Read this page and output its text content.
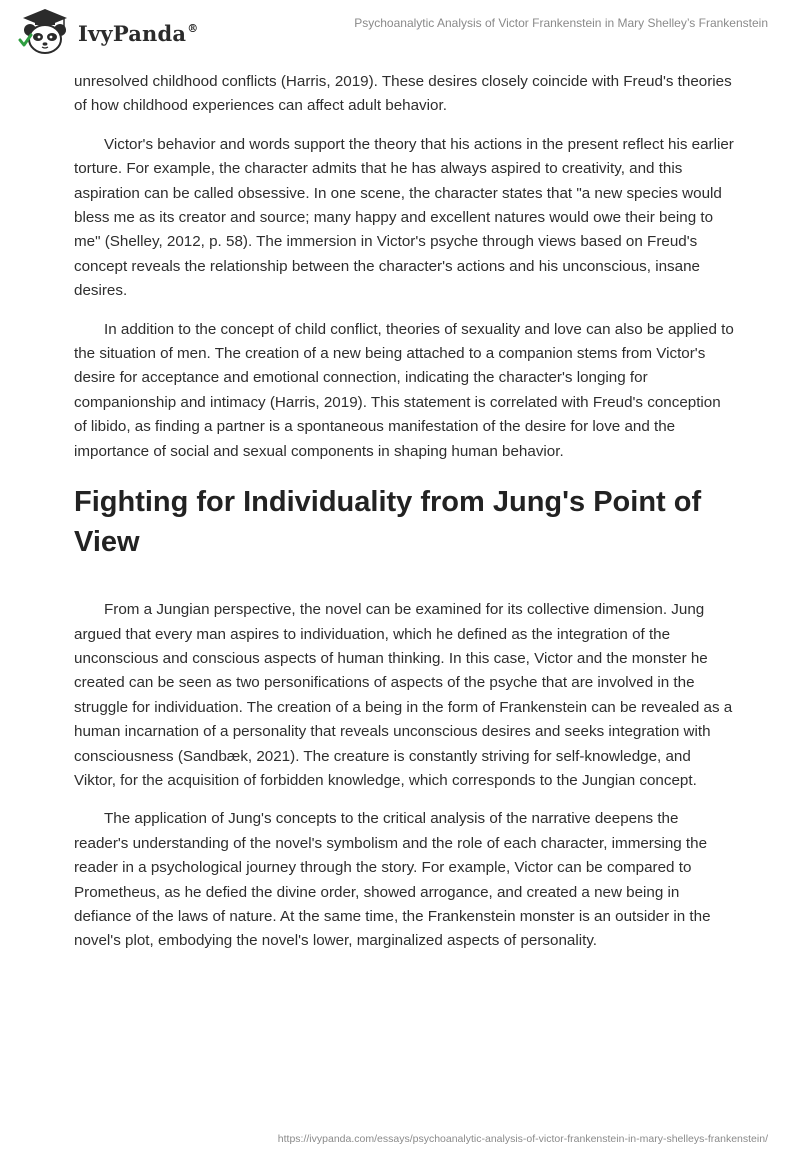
IvyPanda®	Psychoanalytic Analysis of Victor Frankenstein in Mary Shelley’s Frankenstein

unresolved childhood conflicts (Harris, 2019). These desires closely coincide with Freud's theories of how childhood experiences can affect adult behavior.

Victor's behavior and words support the theory that his actions in the present reflect his earlier torture. For example, the character admits that he has always aspired to creativity, and this aspiration can be called obsessive. In one scene, the character states that "a new species would bless me as its creator and source; many happy and excellent natures would owe their being to me" (Shelley, 2012, p. 58). The immersion in Victor's psyche through views based on Freud's concept reveals the relationship between the character's actions and his unconscious, insane desires.

In addition to the concept of child conflict, theories of sexuality and love can also be applied to the situation of men. The creation of a new being attached to a companion stems from Victor's desire for acceptance and emotional connection, indicating the character's longing for companionship and intimacy (Harris, 2019). This statement is correlated with Freud's conception of libido, as finding a partner is a spontaneous manifestation of the desire for love and the importance of social and sexual components in shaping human behavior.

Fighting for Individuality from Jung's Point of View

From a Jungian perspective, the novel can be examined for its collective dimension. Jung argued that every man aspires to individuation, which he defined as the integration of the unconscious and conscious aspects of human thinking. In this case, Victor and the monster he created can be seen as two personifications of aspects of the psyche that are involved in the struggle for individuation. The creation of a being in the form of Frankenstein can be revealed as a human incarnation of a personality that reveals unconscious desires and seeks integration with consciousness (Sandbæk, 2021). The creature is constantly striving for self-knowledge, and Viktor, for the acquisition of forbidden knowledge, which corresponds to the Jungian concept.

The application of Jung's concepts to the critical analysis of the narrative deepens the reader's understanding of the novel's symbolism and the role of each character, immersing the reader in a psychological journey through the story. For example, Victor can be compared to Prometheus, as he defied the divine order, showed arrogance, and created a new being in defiance of the laws of nature. At the same time, the Frankenstein monster is an outsider in the novel's plot, embodying the novel's lower, marginalized aspects of personality.

https://ivypanda.com/essays/psychoanalytic-analysis-of-victor-frankenstein-in-mary-shelleys-frankenstein/
